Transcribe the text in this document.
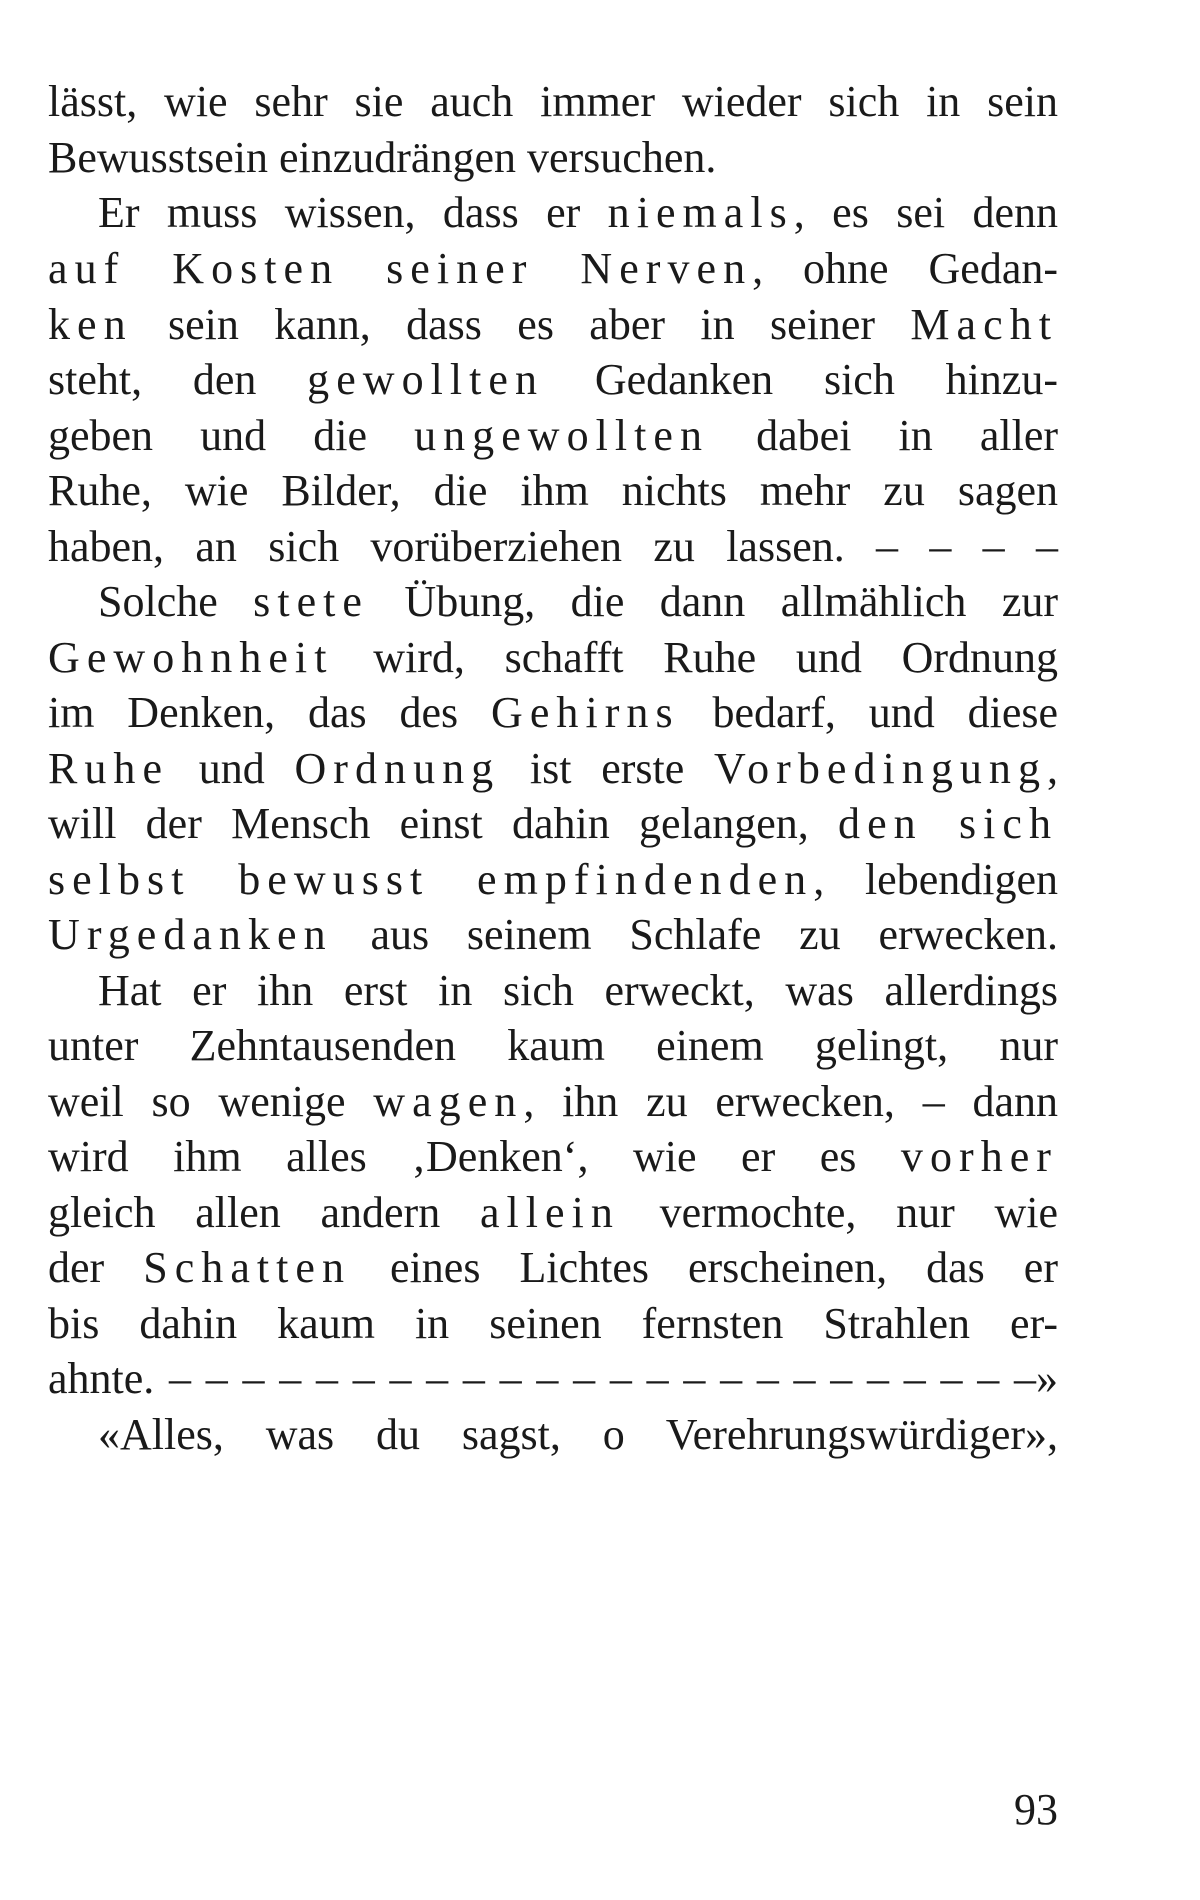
lässt, wie sehr sie auch immer wieder sich in sein
Bewusstsein einzudrängen versuchen.
Er muss wissen, dass er niemals, es sei denn
auf Kosten seiner Nerven, ohne Gedan-
ken sein kann, dass es aber in seiner Macht
steht, den gewollten Gedanken sich hinzu-
geben und die ungewollten dabei in aller
Ruhe, wie Bilder, die ihm nichts mehr zu sagen
haben, an sich vorüberziehen zu lassen. – – – –
Solche stete Übung, die dann allmählich zur
Gewohnheit wird, schafft Ruhe und Ordnung
im Denken, das des Gehirns bedarf, und diese
Ruhe und Ordnung ist erste Vorbedingung,
will der Mensch einst dahin gelangen, den sich
selbst bewusst empfindenden, lebendigen
Urgedanken aus seinem Schlafe zu erwecken.
Hat er ihn erst in sich erweckt, was allerdings
unter Zehntausenden kaum einem gelingt, nur
weil so wenige wagen, ihn zu erwecken, – dann
wird ihm alles ‚Denken‘, wie er es vorher
gleich allen andern allein vermochte, nur wie
der Schatten eines Lichtes erscheinen, das er
bis dahin kaum in seinen fernsten Strahlen er-
ahnte. – – – – – – – – – – – – – – – – – – – – – – – –»
«Alles, was du sagst, o Verehrungswürdiger»,
93
